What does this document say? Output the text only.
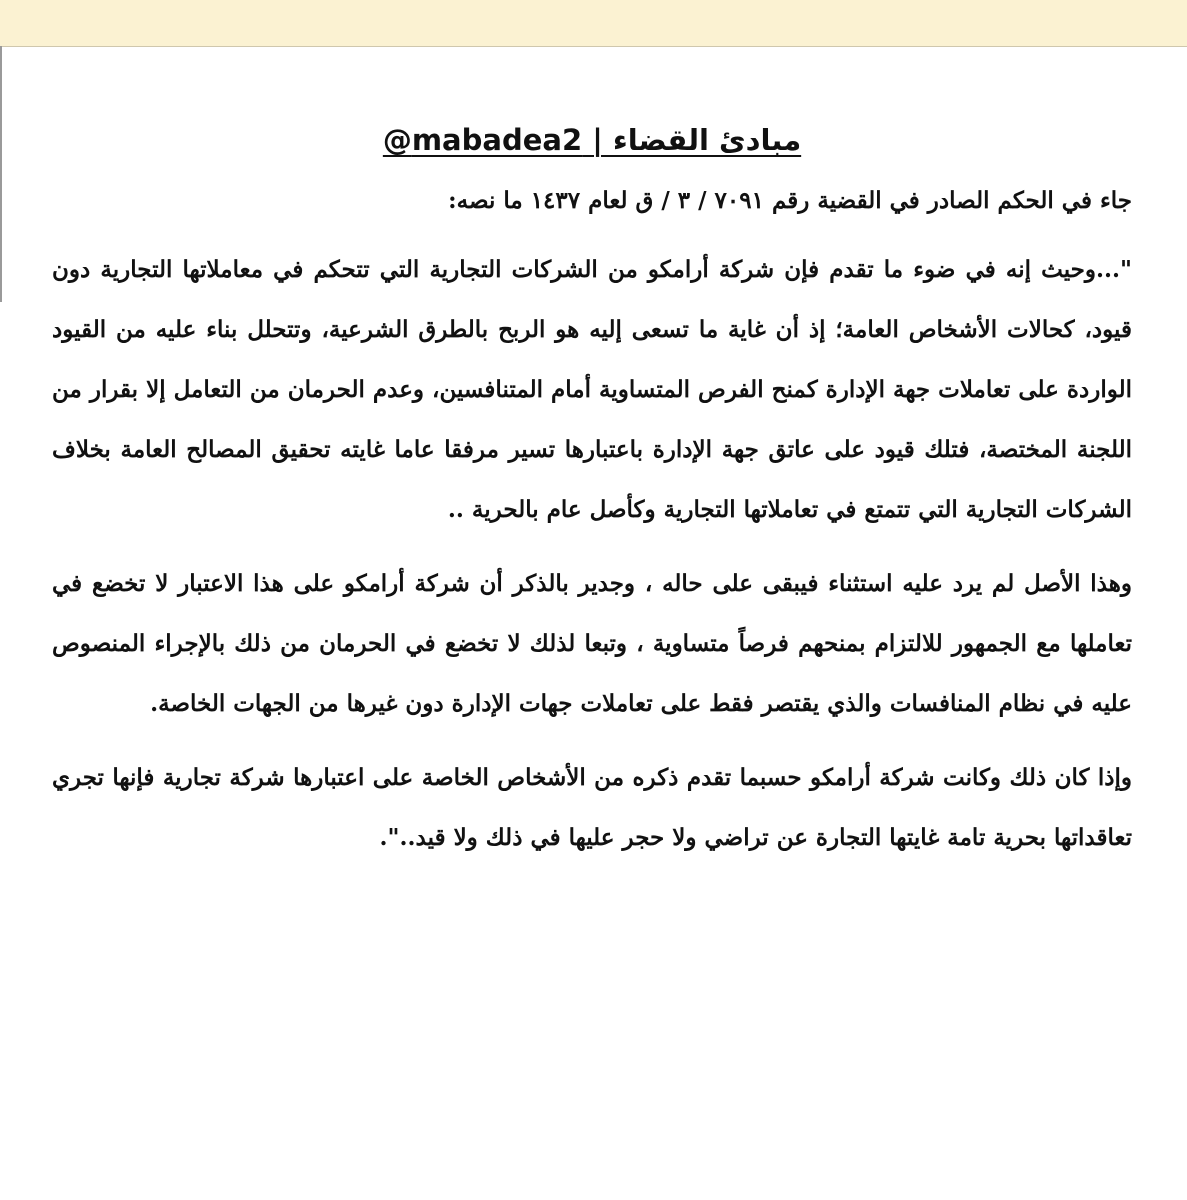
مبادئ القضاء | mabadea2@

جاء في الحكم الصادر في القضية رقم ٧٠٩١ / ٣ / ق لعام ١٤٣٧ ما نصه:

"...وحيث إنه في ضوء ما تقدم فإن شركة أرامكو من الشركات التجارية التي تتحكم في معاملاتها التجارية دون قيود، كحالات الأشخاص العامة؛ إذ أن غاية ما تسعى إليه هو الربح بالطرق الشرعية، وتتحلل بناء عليه من القيود الواردة على تعاملات جهة الإدارة كمنح الفرص المتساوية أمام المتنافسين، وعدم الحرمان من التعامل إلا بقرار من اللجنة المختصة، فتلك قيود على عاتق جهة الإدارة باعتبارها تسير مرفقا عاما غايته تحقيق المصالح العامة بخلاف الشركات التجارية التي تتمتع في تعاملاتها التجارية وكأصل عام بالحرية ..

وهذا الأصل لم يرد عليه استثناء فيبقى على حاله ، وجدير بالذكر أن شركة أرامكو على هذا الاعتبار لا تخضع في تعاملها مع الجمهور للالتزام بمنحهم فرصاً متساوية ، وتبعا لذلك لا تخضع في الحرمان من ذلك بالإجراء المنصوص عليه في نظام المنافسات والذي يقتصر فقط على تعاملات جهات الإدارة دون غيرها من الجهات الخاصة.

وإذا كان ذلك وكانت شركة أرامكو حسبما تقدم ذكره من الأشخاص الخاصة على اعتبارها شركة تجارية فإنها تجري تعاقداتها بحرية تامة غايتها التجارة عن تراضي ولا حجر عليها في ذلك ولا قيد..".
